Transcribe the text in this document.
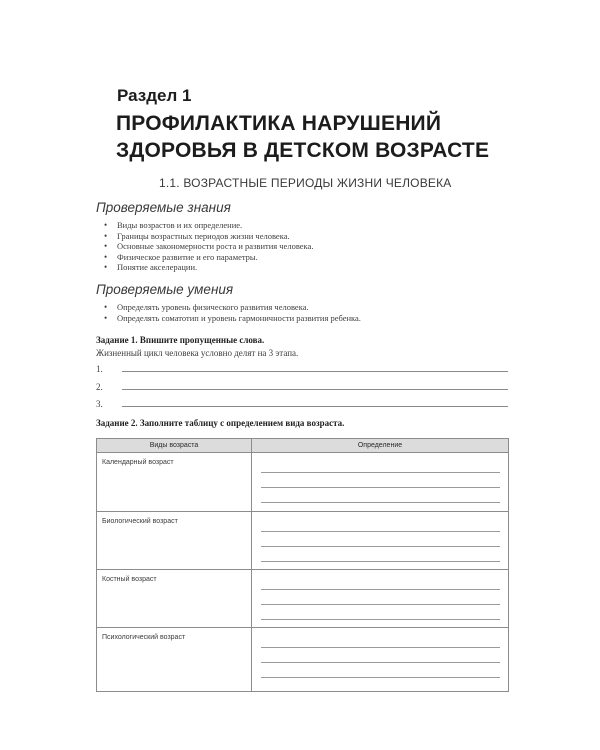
Раздел 1
ПРОФИЛАКТИКА НАРУШЕНИЙ ЗДОРОВЬЯ В ДЕТСКОМ ВОЗРАСТЕ
1.1. ВОЗРАСТНЫЕ ПЕРИОДЫ ЖИЗНИ ЧЕЛОВЕКА
Проверяемые знания
• Виды возрастов и их определение.
• Границы возрастных периодов жизни человека.
• Основные закономерности роста и развития человека.
• Физическое развитие и его параметры.
• Понятие акселерации.
Проверяемые умения
• Определять уровень физического развития человека.
• Определять соматотип и уровень гармоничности развития ребенка.
Задание 1. Впишите пропущенные слова.
Жизненный цикл человека условно делят на 3 этапа.
1.
2.
3.
Задание 2. Заполните таблицу с определением вида возраста.
Виды возраста	Определение

Календарный возраст	

Биологический возраст	

Костный возраст	

Психологический возраст	
